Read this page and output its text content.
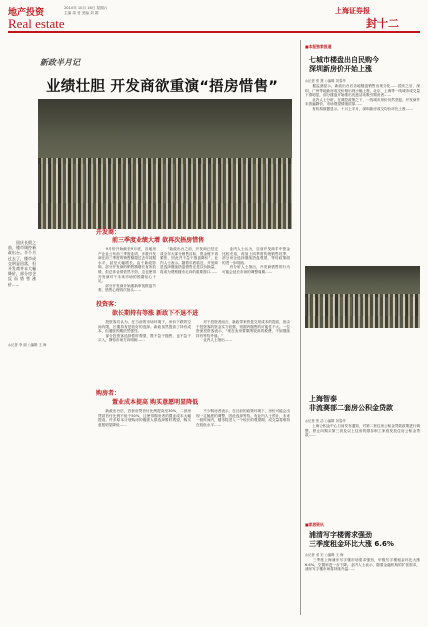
地产投资	2010年 10月 16日 星期六
主编 周 晋 美编 刘 娟
Real estate
上海证券报
封十二
新政半月记
业绩壮胆 开发商欲重演“捂房惜售”
　　国庆长假之前，楼市调控新政出台。半个月过去了，楼市成交明显回落，但开发商并未大幅降价，部分房企反而惜售涨价……
◎记者 李 丽 ○编辑 王 海
开发商：
前三季度业绩大增 欲再次捂房惜售
　　9月份开始截至9月底，各地房产企业公布前三季度业绩，多数开发商在前三季度的销售额超过去年同期水平，甚至大幅增长。由于新政影响，部分开发商的销售额增长有所放缓，但总体业绩依然不俗，这也使得开发商对于未来市场的预期信心十足。
　　部分开发商开始重新审视推盘节奏，惜售心理再次抬头……
　　“新政出台之前，开发商已经完成全年大部分销售目标，资金链不再紧张，因此并不急于推盘降价”，业内人士表示。随着年底临近，开发商是选择继续捂盘惜售还是以价换量，将成为观察楼市走向的重要窗口……
　　业内人士认为，目前开发商手中资金比较充裕，再加上四季度传统销售旺季，部分房企选择继续捂盘观望，等待政策面的进一步明朗。
　　有分析人士指出，开发商惜售的行为可能会延长市场的调整周期……
投资客：
欲长期持有等涨 新政下不退不进
　　投资客们认为，在当前的市场环境下，房价下跌的空间有限，长期持有是较好的选择。新政虽然提高了持有成本，但通胀预期依然强烈。
　　部分投资客选择暂时观望，既不急于抛售，也不急于买入，静待市场方向明朗……
　　对于投资者而言，新政带来的是交易成本的提高，但由于投资客的资金实力较强，短期内抛售的可能性不大。一位资深投资客表示，“现在卖房要缴纳较高的税费，不如继续持有等待升值。”
　　业内人士指出……
购房者：
置业成本提高 购买意愿明显降低
　　新政出台后，首套房贷首付比例提高至30%，二套房贷款首付比例不低于50%，这使得购房者的置业成本大幅提高。许多原本计划购房的刚需人群选择暂时观望，购买意愿明显降低……
　　不少购房者表示，在目前的政策环境下，房价可能会出现一定幅度的调整，因此选择等待。有业内人士预计，未来一段时间内，楼市将进入一个较长的观望期，成交量将维持在较低水平……
■本报独家报道
七城市楼盘出自民购今
深圳新房价开始上涨
◎记者 张 慧 ○编辑 刘春华
　　据监测显示，新政出台后各地楼盘销售出现分化……国庆之后，深圳、广州等地新房成交价格出现小幅上涨，北京、上海等一线城市成交量下滑明显，部分楼盘开始推出优惠活动吸引购房者……
　　业内人士分析，在调控政策之下，一线城市房价仍然坚挺，开发商并未普遍降价，市场观望情绪浓厚……
　　有机构数据显示，十月上半月，深圳新房成交均价环比上涨……
上海智泰
非流赛部二套房公积金贷款
◎记者 张 洁 ○编辑 刘春华
　　上海公积金中心日前发布通知，对第二套住房公积金贷款政策进行调整，停止向购买第三套及以上住房的缴存职工家庭发放住房公积金贷款……
■家居资讯
浦清写字楼需求强劲
三季度租金环比大涨 6.6%
◎记者 邓 宏 ○编辑 王 海
　　三季度上海浦东写字楼市场需求强劲，甲级写字楼租金环比大涨6.6%，空置率进一步下降。业内人士表示，随着金融机构的扩张需求，浦东写字楼市场将持续升温……
